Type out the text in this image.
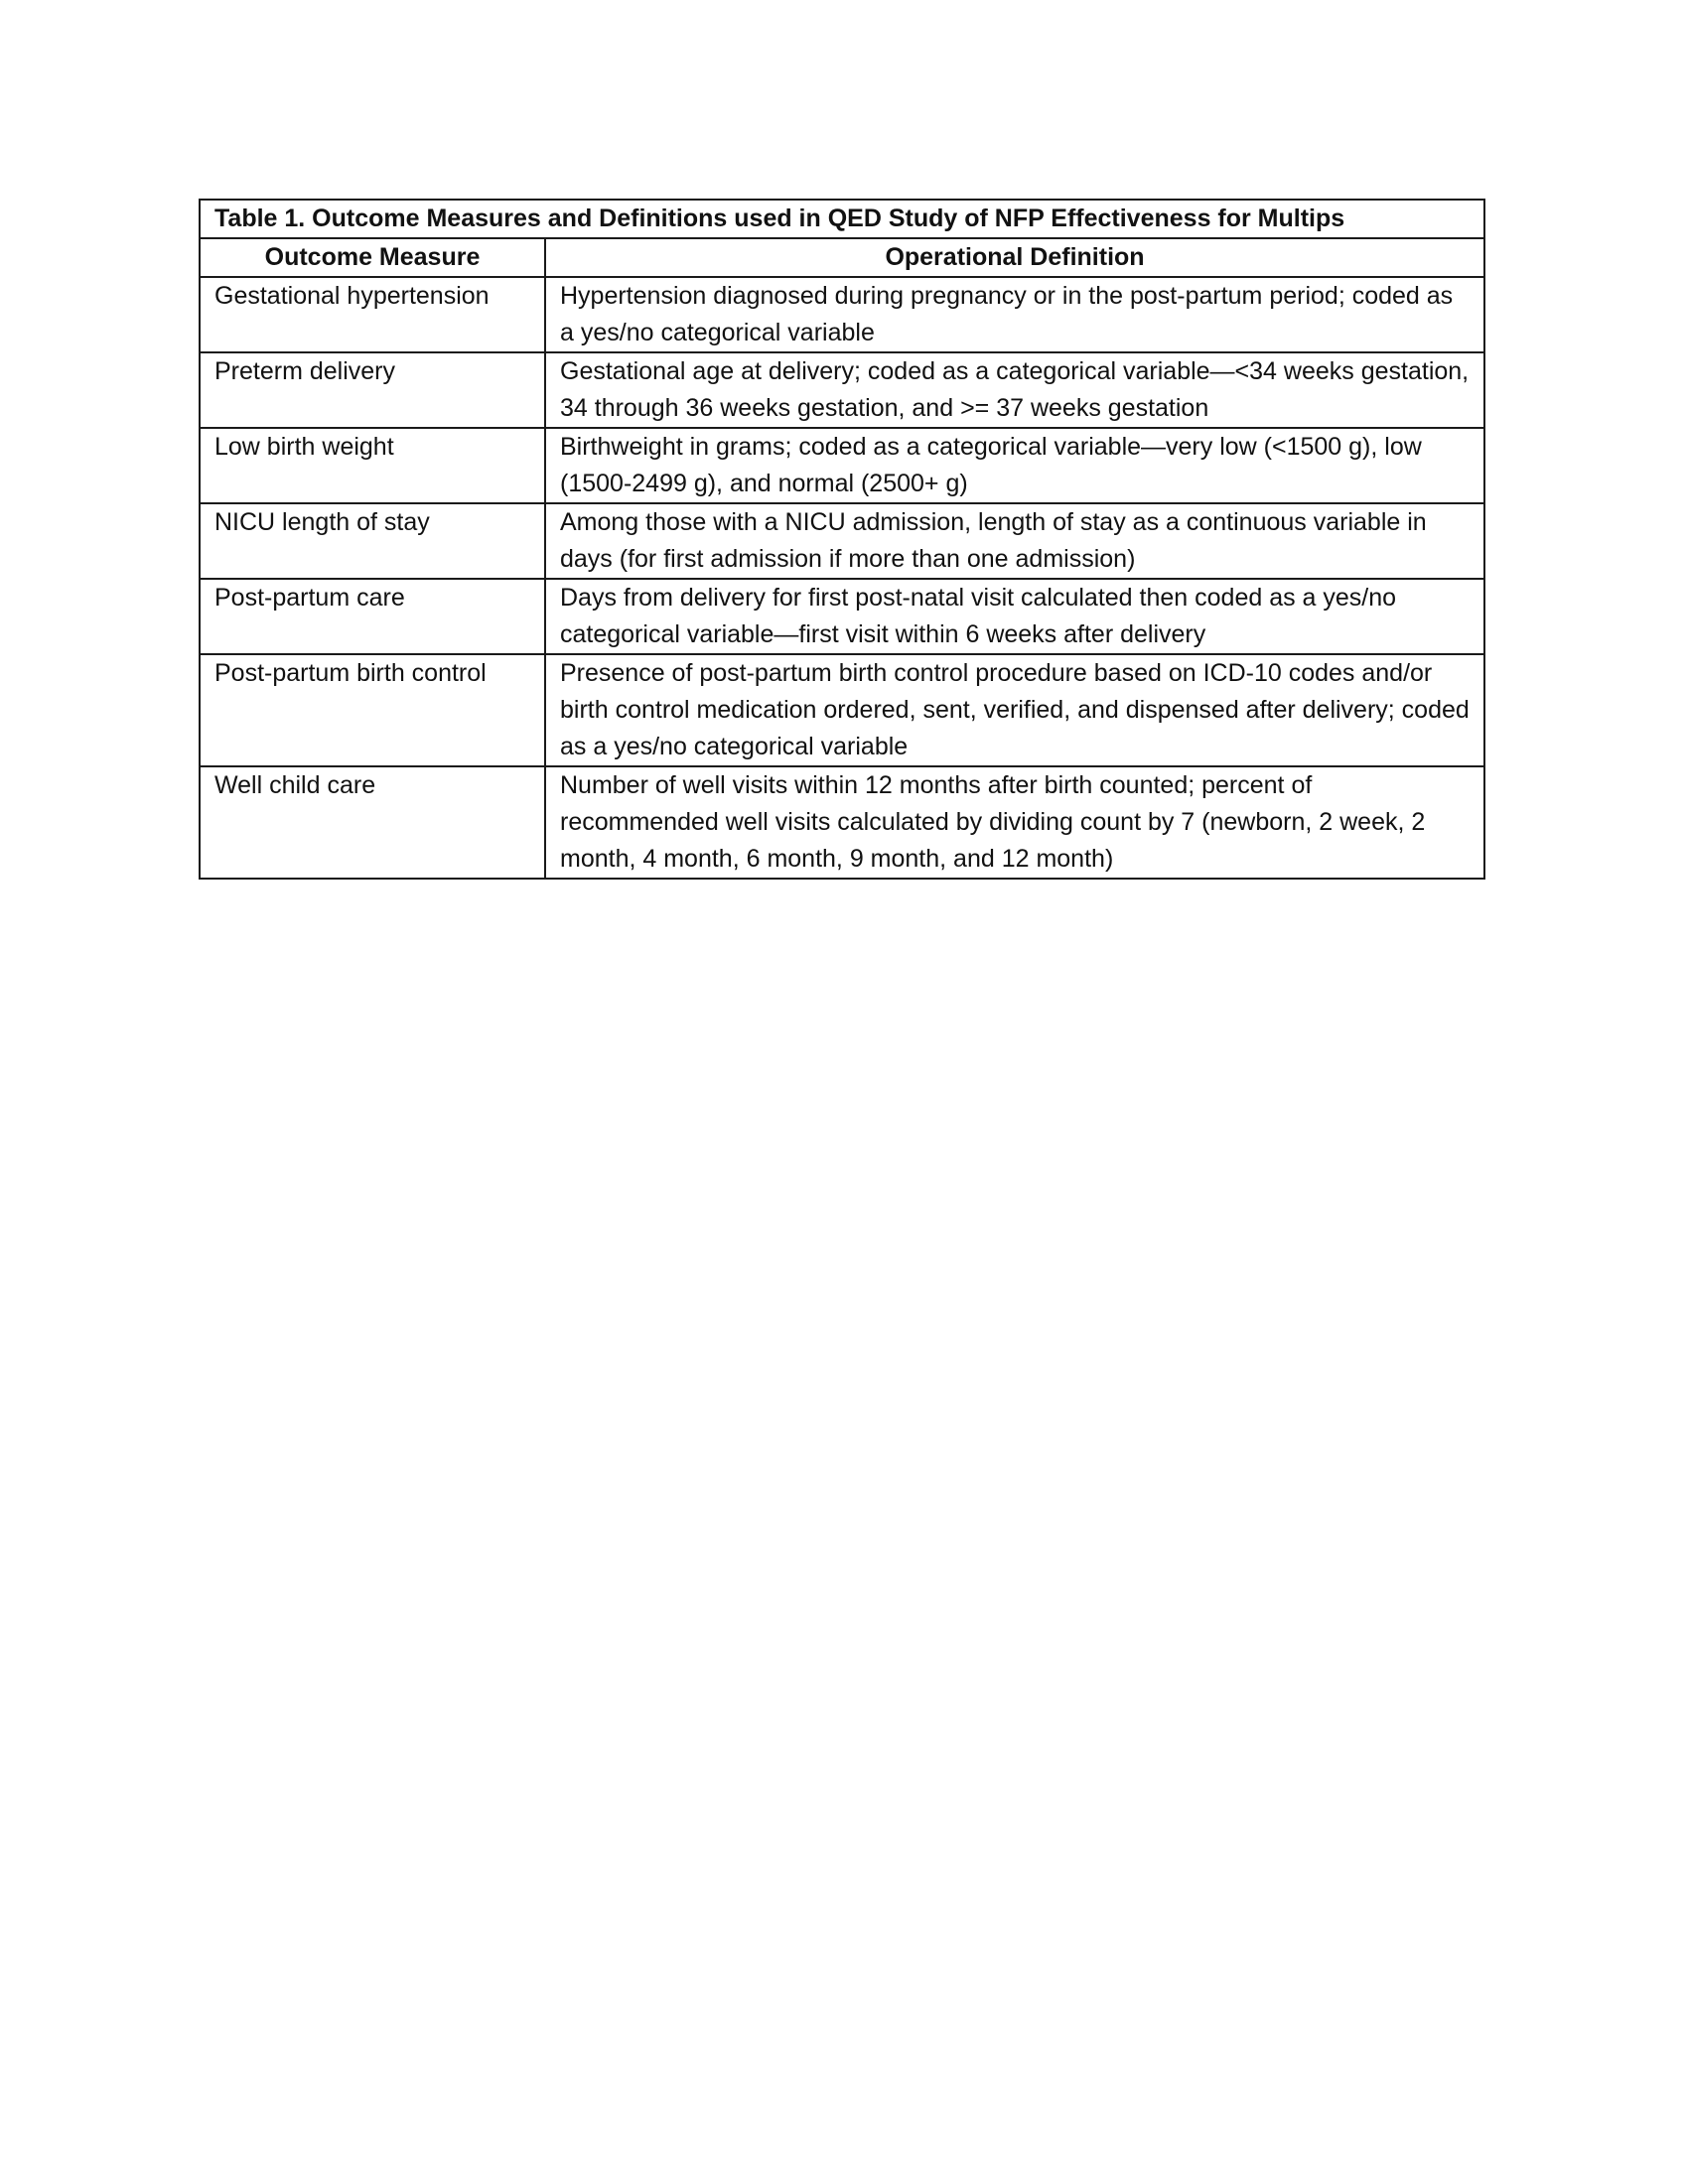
Table 1. Outcome Measures and Definitions used in QED Study of NFP Effectiveness for Multips	
Outcome Measure	Operational Definition
Gestational hypertension	Hypertension diagnosed during pregnancy or in the post-partum period; coded as a yes/no categorical variable
Preterm delivery	Gestational age at delivery; coded as a categorical variable—<34 weeks gestation, 34 through 36 weeks gestation, and >= 37 weeks gestation
Low birth weight	Birthweight in grams; coded as a categorical variable—very low (<1500 g), low (1500-2499 g), and normal (2500+ g)
NICU length of stay	Among those with a NICU admission, length of stay as a continuous variable in days (for first admission if more than one admission)
Post-partum care	Days from delivery for first post-natal visit calculated then coded as a yes/no categorical variable—first visit within 6 weeks after delivery
Post-partum birth control	Presence of post-partum birth control procedure based on ICD-10 codes and/or birth control medication ordered, sent, verified, and dispensed after delivery; coded as a yes/no categorical variable
Well child care	Number of well visits within 12 months after birth counted; percent of recommended well visits calculated by dividing count by 7 (newborn, 2 week, 2 month, 4 month, 6 month, 9 month, and 12 month)
